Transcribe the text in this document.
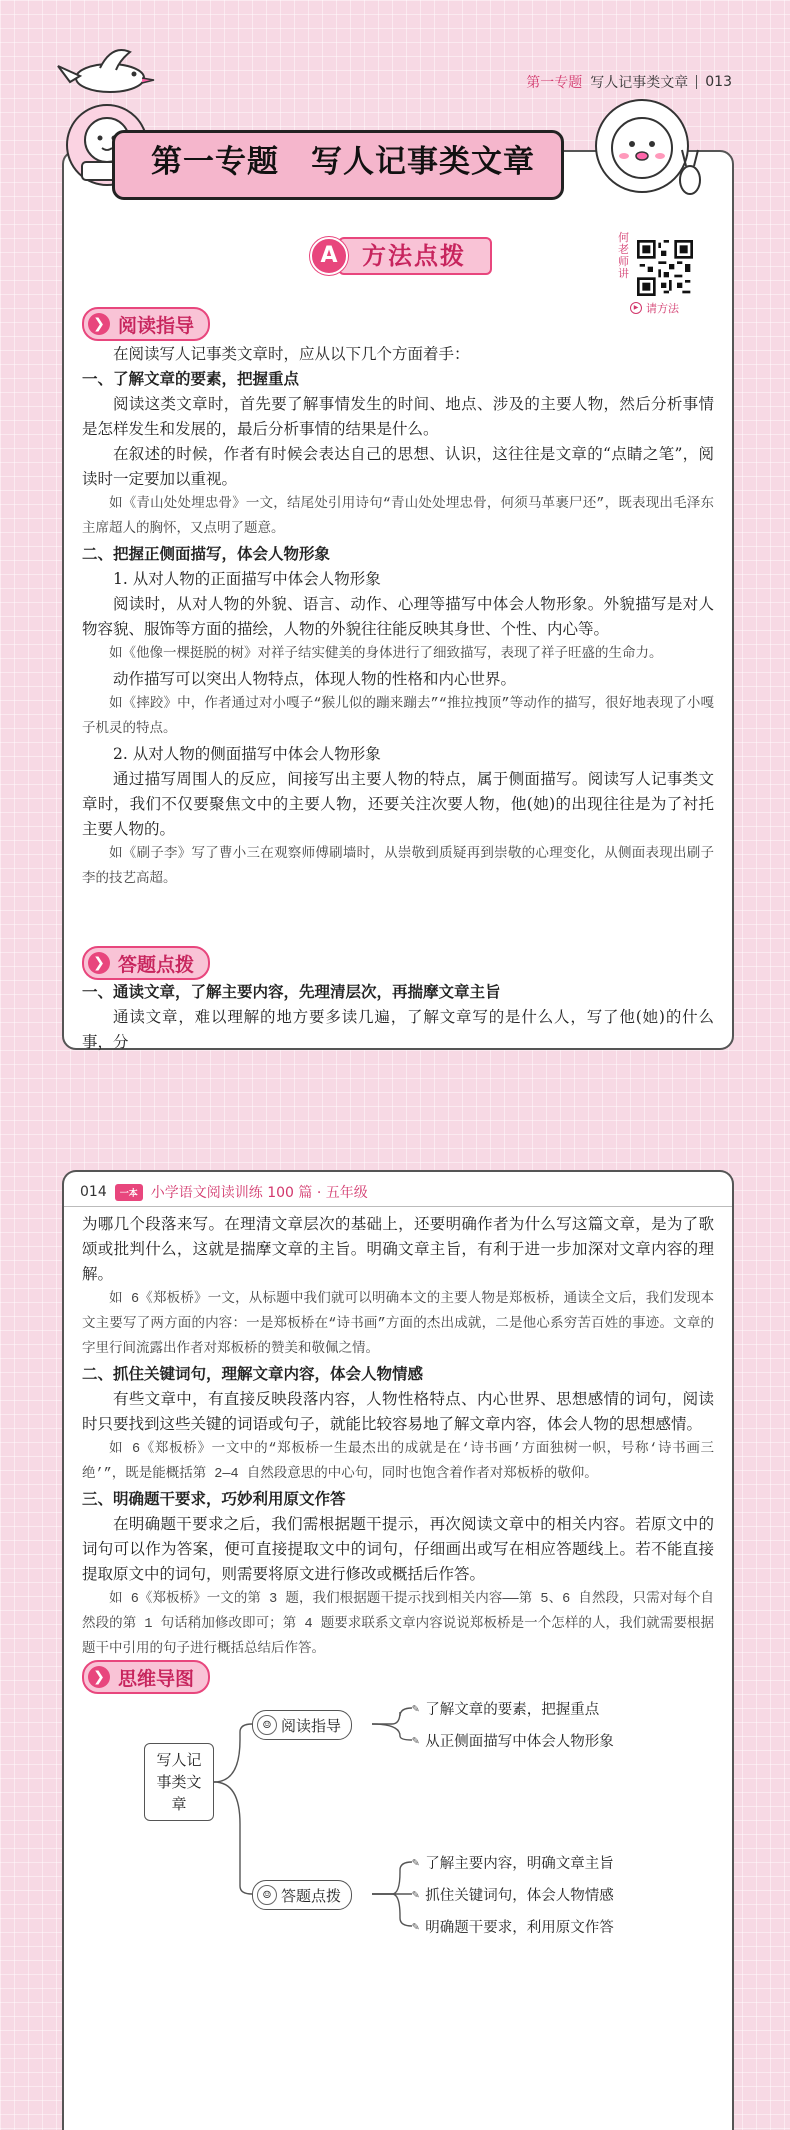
第一专题 写人记事类文章 013
第一专题　写人记事类文章
A	方法点拨
何老师讲
▶ 请方法
❯ 阅读指导

在阅读写人记事类文章时，应从以下几个方面着手：

一、了解文章的要素，把握重点

阅读这类文章时，首先要了解事情发生的时间、地点、涉及的主要人物，然后分析事情是怎样发生和发展的，最后分析事情的结果是什么。

在叙述的时候，作者有时候会表达自己的思想、认识，这往往是文章的“点睛之笔”，阅读时一定要加以重视。

如《青山处处埋忠骨》一文，结尾处引用诗句“青山处处埋忠骨，何须马革裹尸还”，既表现出毛泽东主席超人的胸怀，又点明了题意。

二、把握正侧面描写，体会人物形象

1. 从对人物的正面描写中体会人物形象

阅读时，从对人物的外貌、语言、动作、心理等描写中体会人物形象。外貌描写是对人物容貌、服饰等方面的描绘，人物的外貌往往能反映其身世、个性、内心等。

如《他像一棵挺脱的树》对祥子结实健美的身体进行了细致描写，表现了祥子旺盛的生命力。

动作描写可以突出人物特点，体现人物的性格和内心世界。

如《摔跤》中，作者通过对小嘎子“猴儿似的蹦来蹦去”“推拉拽顶”等动作的描写，很好地表现了小嘎子机灵的特点。

2. 从对人物的侧面描写中体会人物形象

通过描写周围人的反应，间接写出主要人物的特点，属于侧面描写。阅读写人记事类文章时，我们不仅要聚焦文中的主要人物，还要关注次要人物，他(她)的出现往往是为了衬托主要人物的。

如《刷子李》写了曹小三在观察师傅刷墙时，从崇敬到质疑再到崇敬的心理变化，从侧面表现出刷子李的技艺高超。

❯ 答题点拨

一、通读文章，了解主要内容，先理清层次，再揣摩文章主旨

通读文章，难以理解的地方要多读几遍，了解文章写的是什么人，写了他(她)的什么事，分

014	一本 小学语文阅读训练 100 篇 · 五年级

为哪几个段落来写。在理清文章层次的基础上，还要明确作者为什么写这篇文章，是为了歌颂或批判什么，这就是揣摩文章的主旨。明确文章主旨，有利于进一步加深对文章内容的理解。

如 6《郑板桥》一文，从标题中我们就可以明确本文的主要人物是郑板桥，通读全文后，我们发现本文主要写了两方面的内容：一是郑板桥在“诗书画”方面的杰出成就，二是他心系穷苦百姓的事迹。文章的字里行间流露出作者对郑板桥的赞美和敬佩之情。

二、抓住关键词句，理解文章内容，体会人物情感

有些文章中，有直接反映段落内容，人物性格特点、内心世界、思想感情的词句，阅读时只要找到这些关键的词语或句子，就能比较容易地了解文章内容，体会人物的思想感情。

如 6《郑板桥》一文中的“郑板桥一生最杰出的成就是在‘诗书画’方面独树一帜，号称‘诗书画三绝’”，既是能概括第 2—4 自然段意思的中心句，同时也饱含着作者对郑板桥的敬仰。

三、明确题干要求，巧妙利用原文作答

在明确题干要求之后，我们需根据题干提示，再次阅读文章中的相关内容。若原文中的词句可以作为答案，便可直接提取文中的词句，仔细画出或写在相应答题线上。若不能直接提取原文中的词句，则需要将原文进行修改或概括后作答。

如 6《郑板桥》一文的第 3 题，我们根据题干提示找到相关内容——第 5、6 自然段，只需对每个自然段的第 1 句话稍加修改即可；第 4 题要求联系文章内容说说郑板桥是一个怎样的人，我们就需要根据题干中引用的句子进行概括总结后作答。

❯ 思维导图
写人记事类文章
☺ 阅读指导
☺ 答题点拨
✎ 了解文章的要素，把握重点
✎ 从正侧面描写中体会人物形象
✎ 了解主要内容，明确文章主旨
✎ 抓住关键词句，体会人物情感
✎ 明确题干要求，利用原文作答
